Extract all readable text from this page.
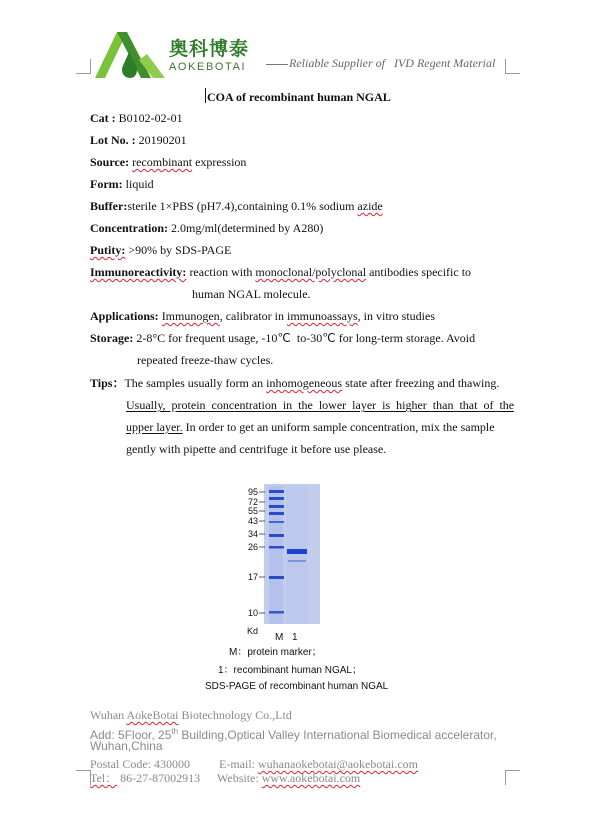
奥科博泰
AOKEBOTAI	Reliable Supplier of   IVD Regent Material
COA of recombinant human NGAL
Cat : B0102-02-01
Lot No. : 20190201
Source: recombinant expression
Form: liquid
Buffer:sterile 1×PBS (pH7.4),containing 0.1% sodium azide
Concentration: 2.0mg/ml(determined by A280)
Putity: >90% by SDS-PAGE
Immunoreactivity: reaction with monoclonal/polyclonal antibodies specific to
human NGAL molecule.
Applications: Immunogen, calibrator in immunoassays, in vitro studies
Storage: 2-8°C for frequent usage, -10℃  to-30℃ for long-term storage. Avoid
repeated freeze-thaw cycles.
Tips：The samples usually form an inhomogeneous state after freezing and thawing.
Usually,  protein  concentration  in  the  lower  layer  is  higher  than  that  of  the
upper layer. In order to get an uniform sample concentration, mix the sample
gently with pipette and centrifuge it before use please.
95
72
55
43
34
26
17
10
Kd
M 1
M：protein marker；
1：recombinant human NGAL；
SDS-PAGE of recombinant human NGAL
Wuhan AokeBotai Biotechnology Co.,Ltd
Add: 5Floor, 25th Building,Optical Valley International Biomedical accelerator,
Wuhan,China
Postal Code: 430000 E-mail: wuhanaokebotai@aokebotai.com
Tel： 86-27-87002913 Website: www.aokebotai.com
